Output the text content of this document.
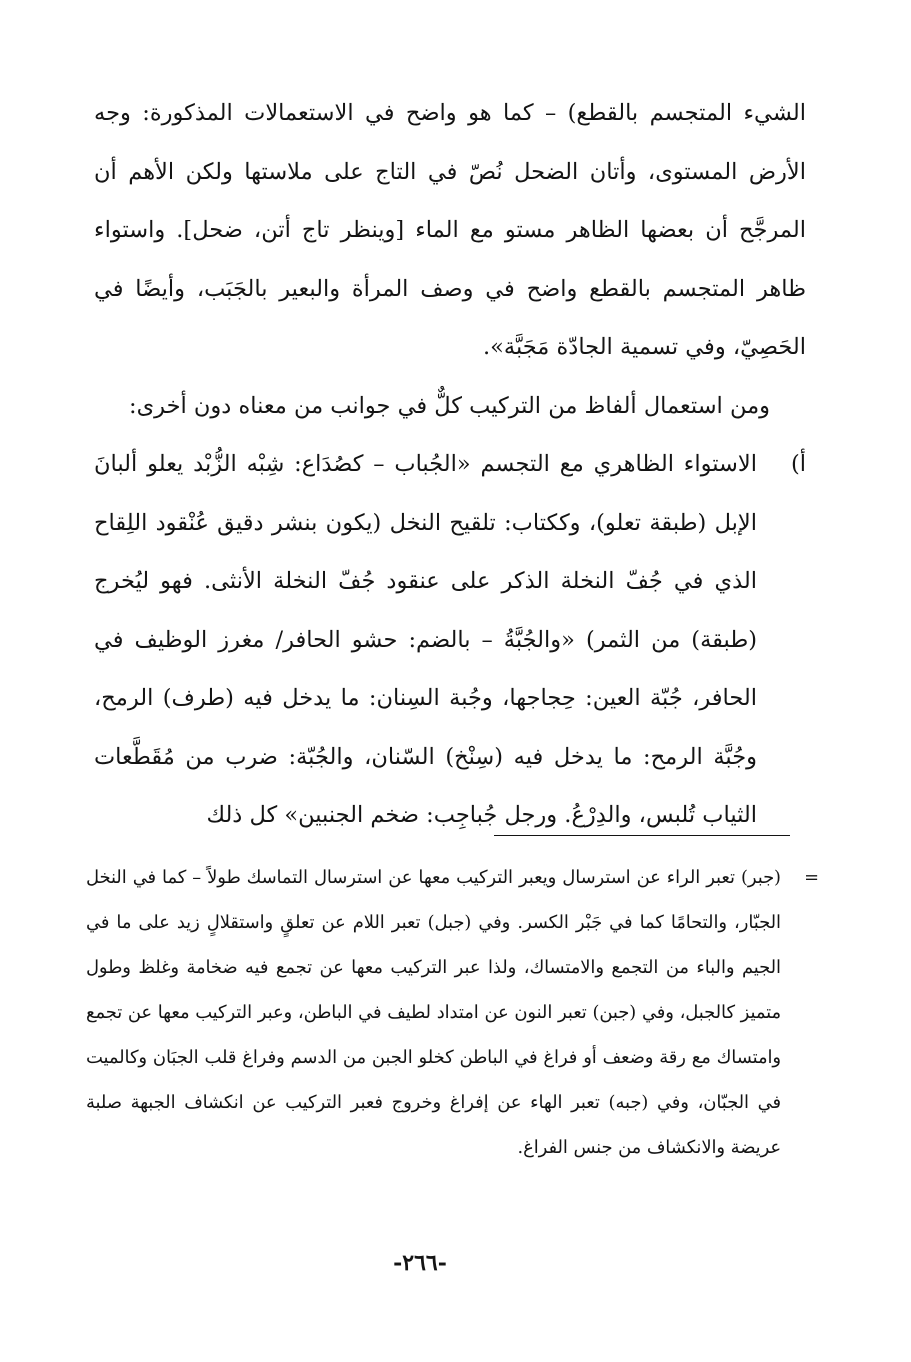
الشيء المتجسم بالقطع) – كما هو واضح في الاستعمالات المذكورة: وجه الأرض المستوى، وأتان الضحل نُصّ في التاج على ملاستها ولكن الأهم أن المرجَّح أن بعضها الظاهر مستو مع الماء [وينظر تاج أتن، ضحل]. واستواء ظاهر المتجسم بالقطع واضح في وصف المرأة والبعير بالجَبَب، وأيضًا في الحَصِيّ، وفي تسمية الجادّة مَجَبَّة».

ومن استعمال ألفاظ من التركيب كلٌّ في جوانب من معناه دون أخرى:

أ)
الاستواء الظاهري مع التجسم «الجُباب – كصُدَاع: شِبْه الزُّبْد يعلو ألبانَ الإبل (طبقة تعلو)، وككتاب: تلقيح النخل (يكون بنشر دقيق عُنْقود اللِقاح الذي في جُفّ النخلة الذكر على عنقود جُفّ النخلة الأنثى. فهو ليُخرج (طبقة) من الثمر) «والجُبَّةُ – بالضم: حشو الحافر/ مغرز الوظيف في الحافر، جُبّة العين: حِجاجها، وجُبة السِنان: ما يدخل فيه (طرف) الرمح، وجُبَّة الرمح: ما يدخل فيه (سِنْخ) السّنان، والجُبّة: ضرب من مُقَطَّعات الثياب تُلبس، والدِرْعُ. ورجل جُباجِب: ضخم الجنبين» كل ذلك
=

(جبر) تعبر الراء عن استرسال ويعبر التركيب معها عن استرسال التماسك طولاً – كما في النخل الجبّار، والتحامًا كما في جَبْر الكسر. وفي (جبل) تعبر اللام عن تعلقٍ واستقلالٍ زيد على ما في الجيم والباء من التجمع والامتساك، ولذا عبر التركيب معها عن تجمع فيه ضخامة وغلظ وطول متميز كالجبل، وفي (جبن) تعبر النون عن امتداد لطيف في الباطن، وعبر التركيب معها عن تجمع وامتساك مع رقة وضعف أو فراغ في الباطن كخلو الجبن من الدسم وفراغ قلب الجبَان وكالميت في الجبّان، وفي (جبه) تعبر الهاء عن إفراغ وخروج فعبر التركيب عن انكشاف الجبهة صلبة عريضة والانكشاف من جنس الفراغ.

-٢٦٦-
